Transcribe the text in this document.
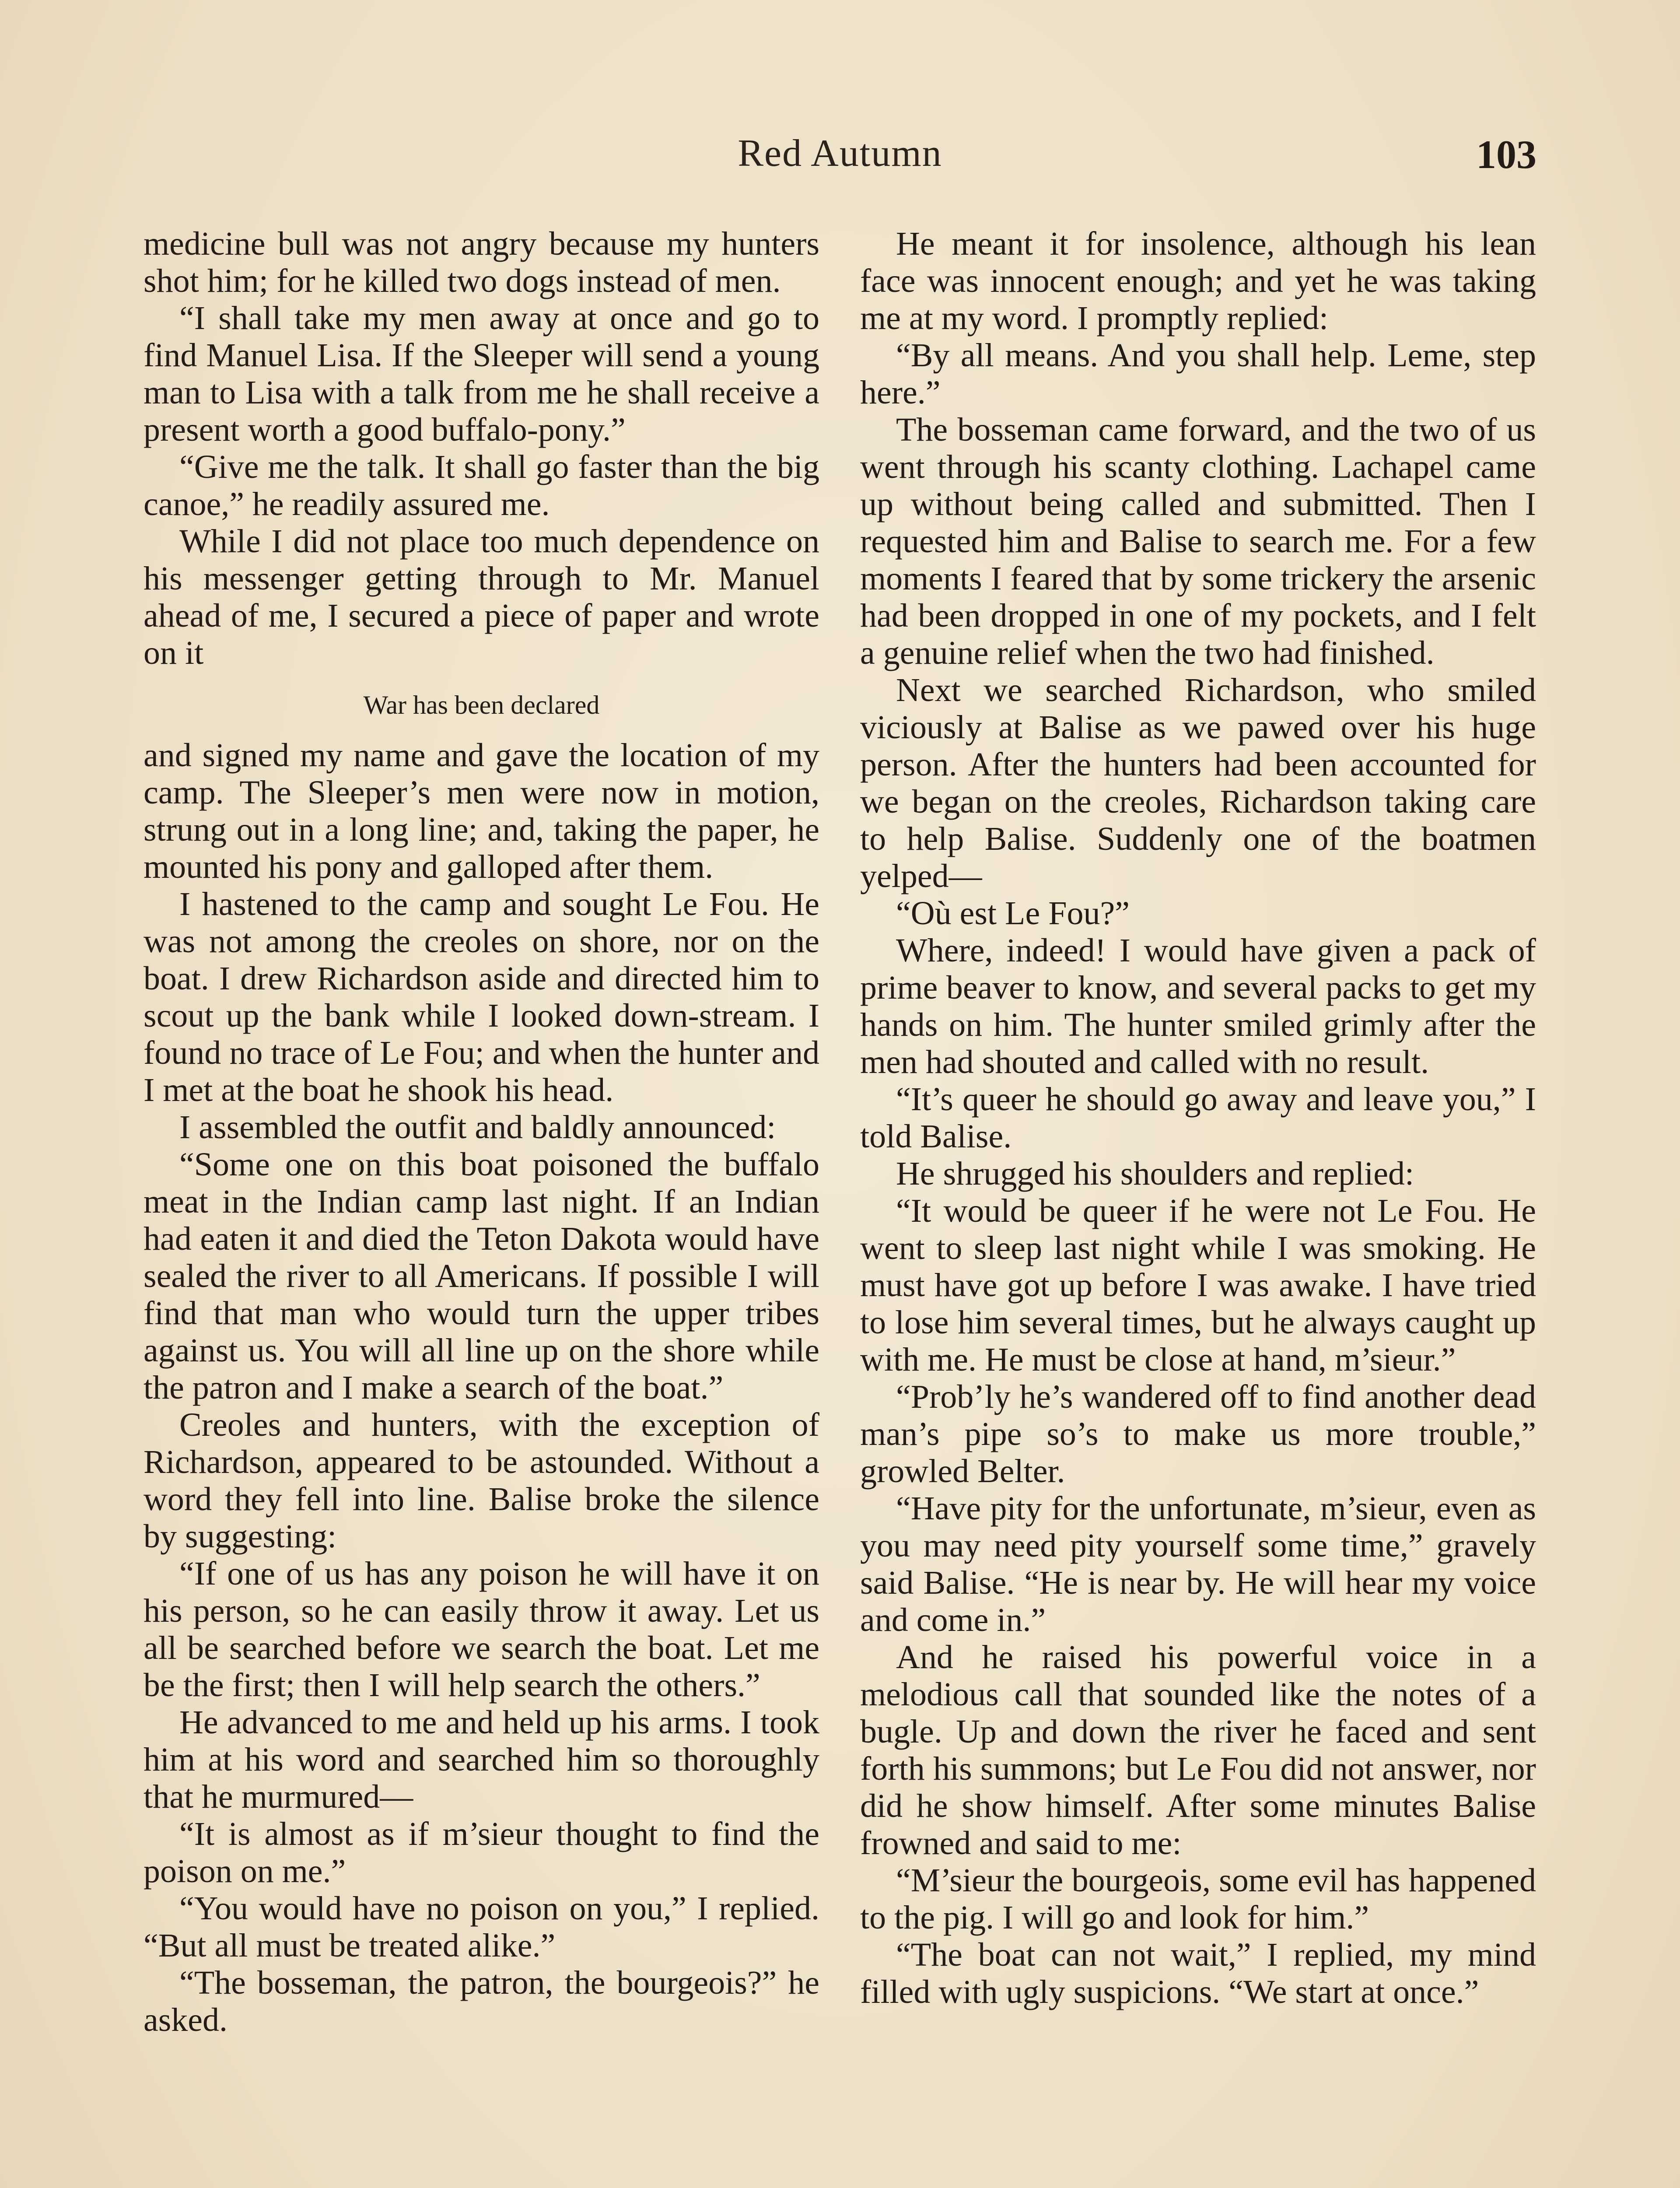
Red Autumn	103

medicine bull was not angry because my hunters shot him; for he killed two dogs instead of men.

“I shall take my men away at once and go to find Manuel Lisa. If the Sleeper will send a young man to Lisa with a talk from me he shall receive a present worth a good buffalo-pony.”

“Give me the talk. It shall go faster than the big canoe,” he readily assured me.

While I did not place too much dependence on his messenger getting through to Mr. Manuel ahead of me, I secured a piece of paper and wrote on it

War has been declared

and signed my name and gave the location of my camp. The Sleeper’s men were now in motion, strung out in a long line; and, taking the paper, he mounted his pony and galloped after them.

I hastened to the camp and sought Le Fou. He was not among the creoles on shore, nor on the boat. I drew Richardson aside and directed him to scout up the bank while I looked down-stream. I found no trace of Le Fou; and when the hunter and I met at the boat he shook his head.

I assembled the outfit and baldly announced:

“Some one on this boat poisoned the buffalo meat in the Indian camp last night. If an Indian had eaten it and died the Teton Dakota would have sealed the river to all Americans. If possible I will find that man who would turn the upper tribes against us. You will all line up on the shore while the patron and I make a search of the boat.”

Creoles and hunters, with the exception of Richardson, appeared to be astounded. Without a word they fell into line. Balise broke the silence by suggesting:

“If one of us has any poison he will have it on his person, so he can easily throw it away. Let us all be searched before we search the boat. Let me be the first; then I will help search the others.”

He advanced to me and held up his arms. I took him at his word and searched him so thoroughly that he murmured—

“It is almost as if m’sieur thought to find the poison on me.”

“You would have no poison on you,” I replied. “But all must be treated alike.”

“The bosseman, the patron, the bourgeois?” he asked.

He meant it for insolence, although his lean face was innocent enough; and yet he was taking me at my word. I promptly replied:

“By all means. And you shall help. Leme, step here.”

The bosseman came forward, and the two of us went through his scanty clothing. Lachapel came up without being called and submitted. Then I requested him and Balise to search me. For a few moments I feared that by some trickery the arsenic had been dropped in one of my pockets, and I felt a genuine relief when the two had finished.

Next we searched Richardson, who smiled viciously at Balise as we pawed over his huge person. After the hunters had been accounted for we began on the creoles, Richardson taking care to help Balise. Suddenly one of the boatmen yelped—

“Où est Le Fou?”

Where, indeed! I would have given a pack of prime beaver to know, and several packs to get my hands on him. The hunter smiled grimly after the men had shouted and called with no result.

“It’s queer he should go away and leave you,” I told Balise.

He shrugged his shoulders and replied:

“It would be queer if he were not Le Fou. He went to sleep last night while I was smoking. He must have got up before I was awake. I have tried to lose him several times, but he always caught up with me. He must be close at hand, m’sieur.”

“Prob’ly he’s wandered off to find another dead man’s pipe so’s to make us more trouble,” growled Belter.

“Have pity for the unfortunate, m’sieur, even as you may need pity yourself some time,” gravely said Balise. “He is near by. He will hear my voice and come in.”

And he raised his powerful voice in a melodious call that sounded like the notes of a bugle. Up and down the river he faced and sent forth his summons; but Le Fou did not answer, nor did he show himself. After some minutes Balise frowned and said to me:

“M’sieur the bourgeois, some evil has happened to the pig. I will go and look for him.”

“The boat can not wait,” I replied, my mind filled with ugly suspicions. “We start at once.”
